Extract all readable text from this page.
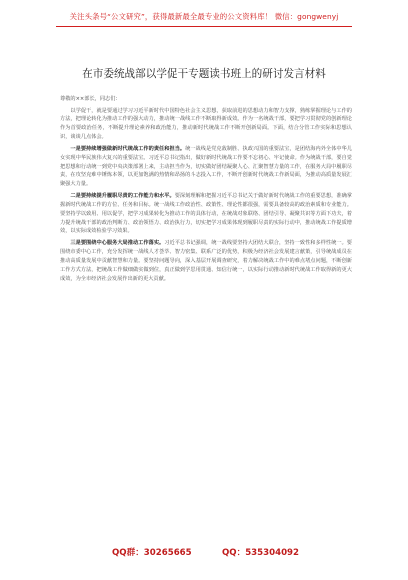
关注头条号“公文研究”，获得最新最全最专业的公文资料库！ 微信：gongwenyj
在市委统战部以学促干专题读书班上的研讨发言材料

尊敬的××部长，同志们：

以学促干，就是要通过学习习近平新时代中国特色社会主义思想，获取前进的思想动力和智力支撑，熟练掌握理论与工作的方法，把理论转化为推动工作的强大动力，推动统一战线工作不断取得新成效。作为一名统战干部，要把学习贯彻党的创新理论作为首要政治任务，不断提升理论素养和政治能力，推动新时代统战工作不断开创新局面。下面，结合分管工作实际和思想认识，谈谈几点体会。

一是要持续增强做新时代统战工作的责任和担当。统一战线是党克敌制胜、执政兴国的重要法宝，是团结海内外全体中华儿女实现中华民族伟大复兴的重要法宝。习近平总书记指出，做好新时代统战工作要不忘初心、牢记使命。作为统战干部，要自觉把思想和行动统一到党中央决策部署上来，主动担当作为，切实做好团结凝聚人心、汇聚智慧力量的工作，在服务大局中履职尽责，在攻坚克难中锤炼本领，以更加饱满的热情和昂扬的斗志投入工作，不断开创新时代统战工作新局面，为推动高质量发展汇聚强大力量。

二是要持续提升履职尽责的工作能力和水平。要深刻理解和把握习近平总书记关于做好新时代统战工作的重要思想，准确掌握新时代统战工作的方位、任务和目标。统一战线工作政治性、政策性、理论性都很强，需要具备较高的政治素质和专业能力。要坚持学以致用、用以促学，把学习成果转化为推动工作的具体行动，在统战对象联络、团结引导、凝聚共识等方面下功夫，着力提升统战干部的政治判断力、政治领悟力、政治执行力，切实把学习成果体现到履职尽责的实际行动中，推动统战工作提质增效，以实际成效检验学习效果。

三是要围绕中心服务大局推动工作落实。习近平总书记强调，统一战线要坚持大团结大联合，坚持一致性和多样性统一。要围绕市委中心工作，充分发挥统一战线人才荟萃、智力密集、联系广泛的优势，积极为经济社会发展建言献策，引导统战成员在推动高质量发展中贡献智慧和力量。要坚持问题导向，深入基层开展调查研究，着力解决统战工作中的难点堵点问题，不断创新工作方式方法，把统战工作做细做实做到位，真正做到学思用贯通、知信行统一，以实际行动推动新时代统战工作取得新的更大成效，为全市经济社会发展作出新的更大贡献。

QQ群：30265665	QQ：535304092
